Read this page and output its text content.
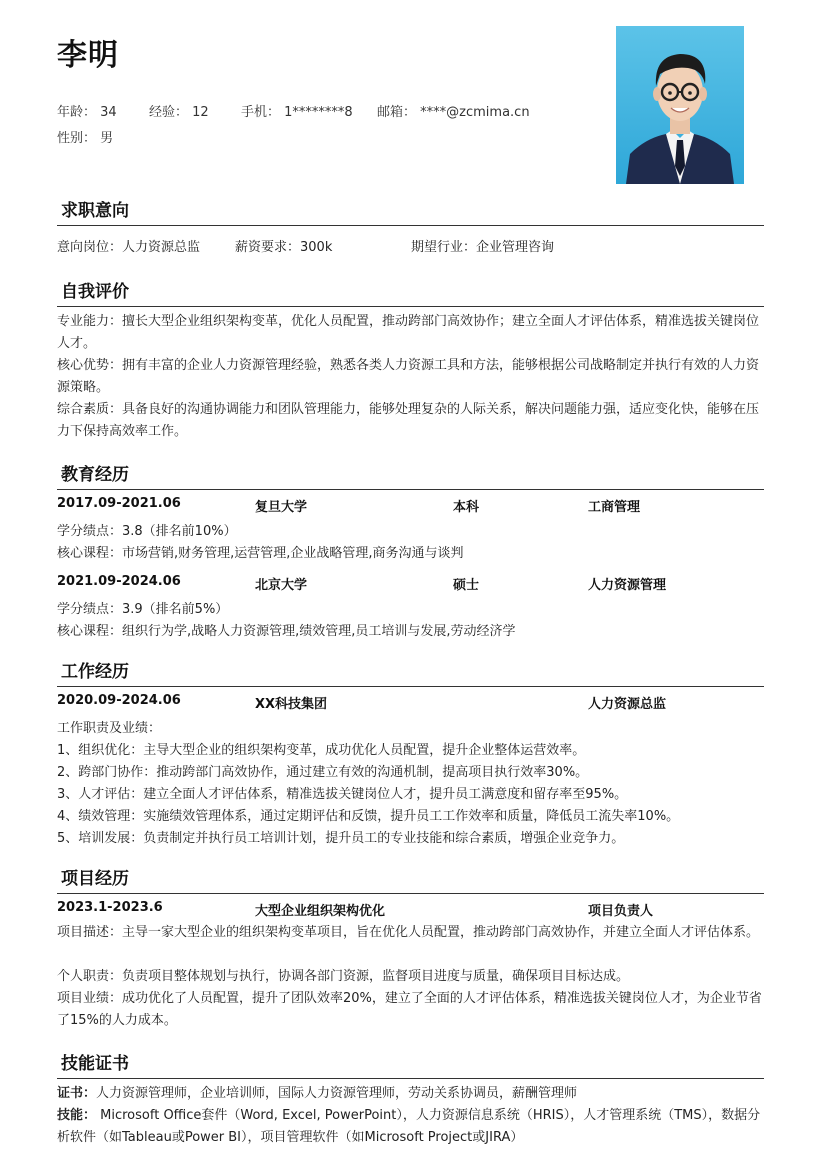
李明
年龄： 34 经验： 12 手机： 1********8 邮箱： ****@zcmima.cn
性别： 男
求职意向
意向岗位：人力资源总监	薪资要求：300k	期望行业：企业管理咨询
自我评价
专业能力：擅长大型企业组织架构变革，优化人员配置，推动跨部门高效协作；建立全面人才评估体系，精准选拔关键岗位人才。
核心优势：拥有丰富的企业人力资源管理经验，熟悉各类人力资源工具和方法，能够根据公司战略制定并执行有效的人力资源策略。
综合素质：具备良好的沟通协调能力和团队管理能力，能够处理复杂的人际关系，解决问题能力强，适应变化快，能够在压力下保持高效率工作。
教育经历
2017.09-2021.06	复旦大学	本科	工商管理
学分绩点：3.8（排名前10%）
核心课程：市场营销,财务管理,运营管理,企业战略管理,商务沟通与谈判
2021.09-2024.06	北京大学	硕士	人力资源管理
学分绩点：3.9（排名前5%）
核心课程：组织行为学,战略人力资源管理,绩效管理,员工培训与发展,劳动经济学
工作经历
2020.09-2024.06	XX科技集团	人力资源总监
工作职责及业绩：
1、组织优化：主导大型企业的组织架构变革，成功优化人员配置，提升企业整体运营效率。
2、跨部门协作：推动跨部门高效协作，通过建立有效的沟通机制，提高项目执行效率30%。
3、人才评估：建立全面人才评估体系，精准选拔关键岗位人才，提升员工满意度和留存率至95%。
4、绩效管理：实施绩效管理体系，通过定期评估和反馈，提升员工工作效率和质量，降低员工流失率10%。
5、培训发展：负责制定并执行员工培训计划，提升员工的专业技能和综合素质，增强企业竞争力。
项目经历
2023.1-2023.6	大型企业组织架构优化	项目负责人
项目描述：主导一家大型企业的组织架构变革项目，旨在优化人员配置，推动跨部门高效协作，并建立全面人才评估体系。
个人职责：负责项目整体规划与执行，协调各部门资源，监督项目进度与质量，确保项目目标达成。
项目业绩：成功优化了人员配置，提升了团队效率20%，建立了全面的人才评估体系，精准选拔关键岗位人才，为企业节省了15%的人力成本。
技能证书
证书：人力资源管理师，企业培训师，国际人力资源管理师，劳动关系协调员，薪酬管理师
技能： Microsoft Office套件（Word, Excel, PowerPoint），人力资源信息系统（HRIS），人才管理系统（TMS），数据分析软件（如Tableau或Power BI），项目管理软件（如Microsoft Project或JIRA）
